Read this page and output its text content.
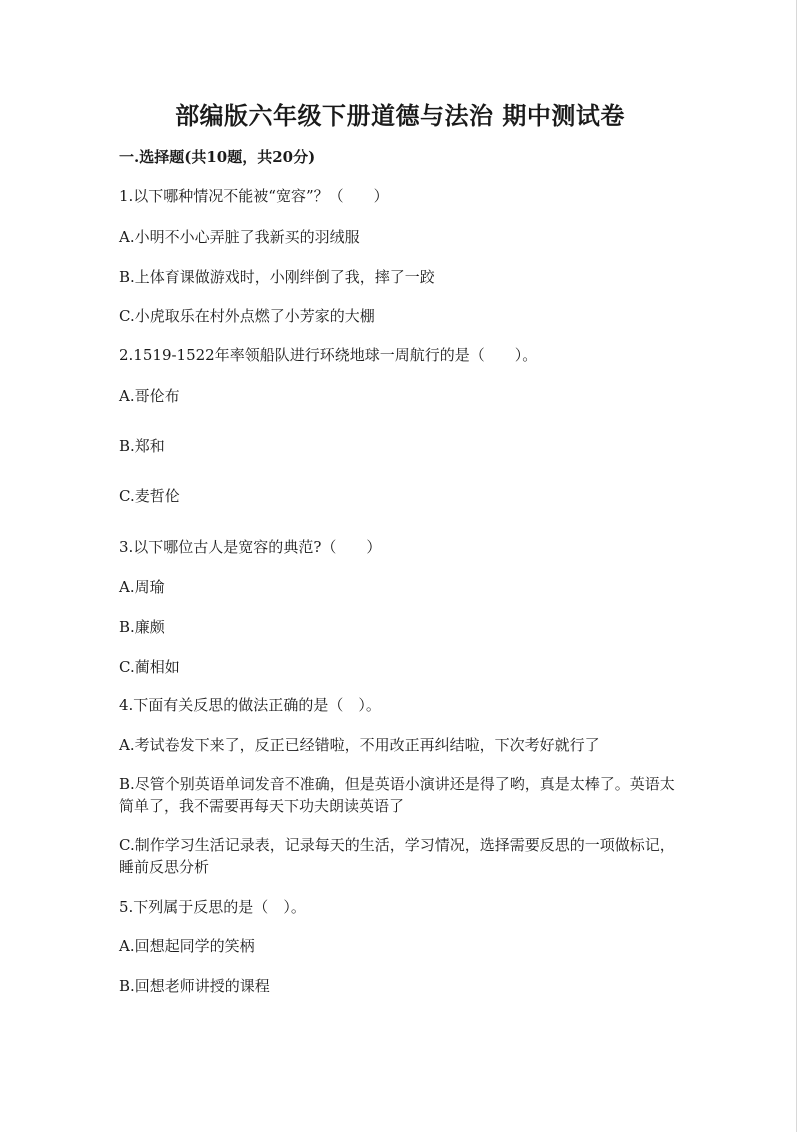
部编版六年级下册道德与法治 期中测试卷
一.选择题(共10题，共20分)
1.以下哪种情况不能被“宽容”？（　　）
A.小明不小心弄脏了我新买的羽绒服
B.上体育课做游戏时，小刚绊倒了我，摔了一跤
C.小虎取乐在村外点燃了小芳家的大棚
2.1519-1522年率领船队进行环绕地球一周航行的是（　　）。
A.哥伦布
B.郑和
C.麦哲伦
3.以下哪位古人是宽容的典范?（　　）
A.周瑜
B.廉颇
C.蔺相如
4.下面有关反思的做法正确的是（　）。
A.考试卷发下来了，反正已经错啦，不用改正再纠结啦，下次考好就行了
B.尽管个别英语单词发音不准确，但是英语小演讲还是得了哟，真是太棒了。英语太简单了，我不需要再每天下功夫朗读英语了
C.制作学习生活记录表，记录每天的生活，学习情况，选择需要反思的一项做标记，睡前反思分析
5.下列属于反思的是（　）。
A.回想起同学的笑柄
B.回想老师讲授的课程
